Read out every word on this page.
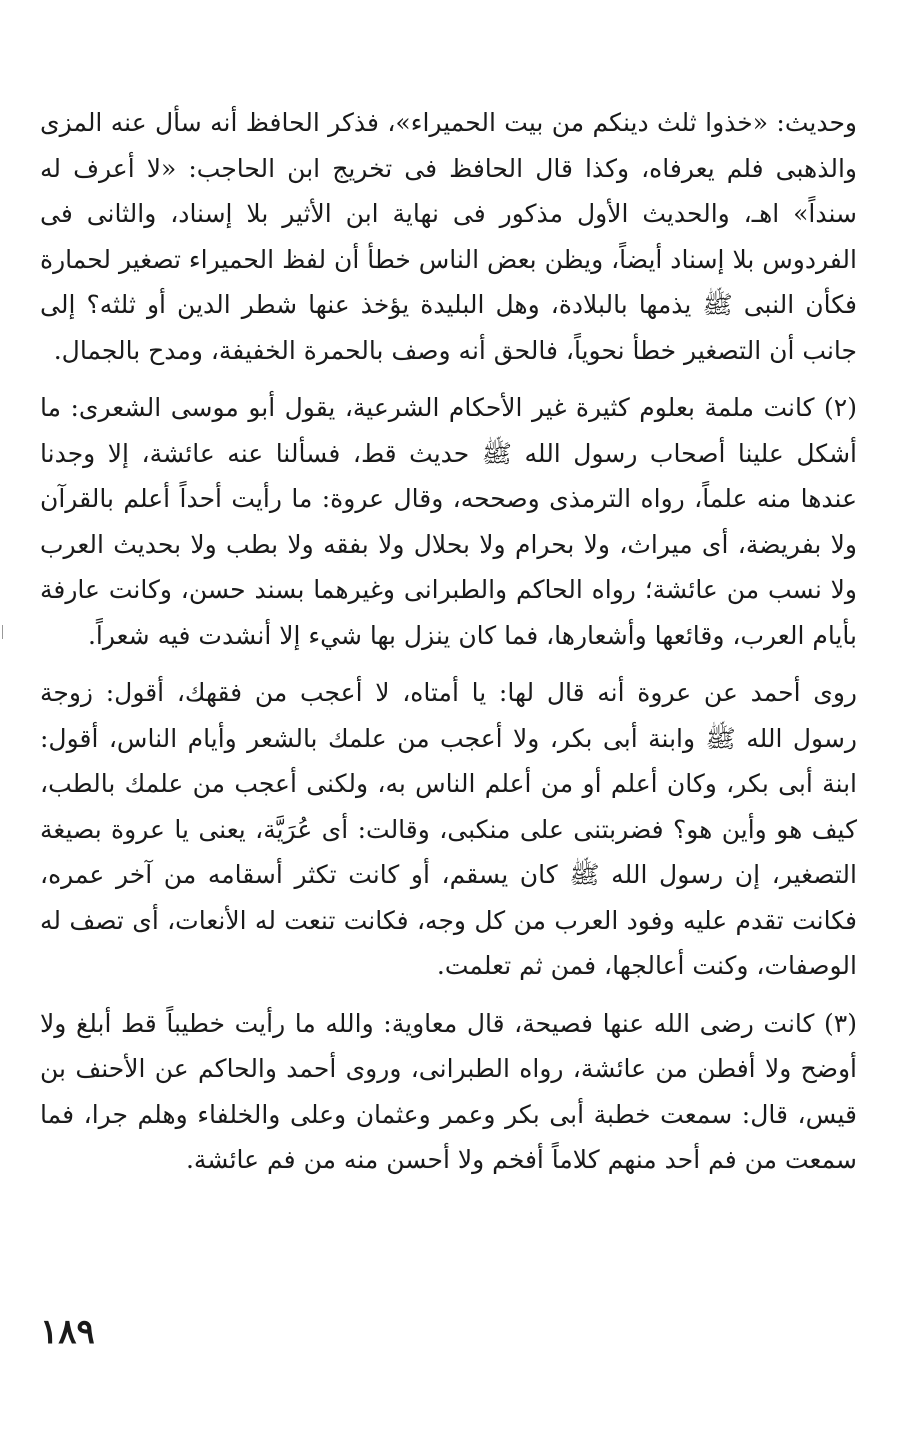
وحديث: «خذوا ثلث دينكم من بيت الحميراء»، فذكر الحافظ أنه سأل عنه المزى والذهبى فلم يعرفاه، وكذا قال الحافظ فى تخريج ابن الحاجب: «لا أعرف له سنداً» اهـ، والحديث الأول مذكور فى نهاية ابن الأثير بلا إسناد، والثانى فى الفردوس بلا إسناد أيضاً، ويظن بعض الناس خطأ أن لفظ الحميراء تصغير لحمارة فكأن النبى ﷺ يذمها بالبلادة، وهل البليدة يؤخذ عنها شطر الدين أو ثلثه؟ إلى جانب أن التصغير خطأ نحوياً، فالحق أنه وصف بالحمرة الخفيفة، ومدح بالجمال.

(٢) كانت ملمة بعلوم كثيرة غير الأحكام الشرعية، يقول أبو موسى الشعرى: ما أشكل علينا أصحاب رسول الله ﷺ حديث قط، فسألنا عنه عائشة، إلا وجدنا عندها منه علماً، رواه الترمذى وصححه، وقال عروة: ما رأيت أحداً أعلم بالقرآن ولا بفريضة، أى ميراث، ولا بحرام ولا بحلال ولا بفقه ولا بطب ولا بحديث العرب ولا نسب من عائشة؛ رواه الحاكم والطبرانى وغيرهما بسند حسن، وكانت عارفة بأيام العرب، وقائعها وأشعارها، فما كان ينزل بها شيء إلا أنشدت فيه شعراً.

روى أحمد عن عروة أنه قال لها: يا أمتاه، لا أعجب من فقهك، أقول: زوجة رسول الله ﷺ وابنة أبى بكر، ولا أعجب من علمك بالشعر وأيام الناس، أقول: ابنة أبى بكر، وكان أعلم أو من أعلم الناس به، ولكنى أعجب من علمك بالطب، كيف هو وأين هو؟ فضربتنى على منكبى، وقالت: أى عُرَيَّة، يعنى يا عروة بصيغة التصغير، إن رسول الله ﷺ كان يسقم، أو كانت تكثر أسقامه من آخر عمره، فكانت تقدم عليه وفود العرب من كل وجه، فكانت تنعت له الأنعات، أى تصف له الوصفات، وكنت أعالجها، فمن ثم تعلمت.

(٣) كانت رضى الله عنها فصيحة، قال معاوية: والله ما رأيت خطيباً قط أبلغ ولا أوضح ولا أفطن من عائشة، رواه الطبرانى، وروى أحمد والحاكم عن الأحنف بن قيس، قال: سمعت خطبة أبى بكر وعمر وعثمان وعلى والخلفاء وهلم جرا، فما سمعت من فم أحد منهم كلاماً أفخم ولا أحسن منه من فم عائشة.

١٨٩
